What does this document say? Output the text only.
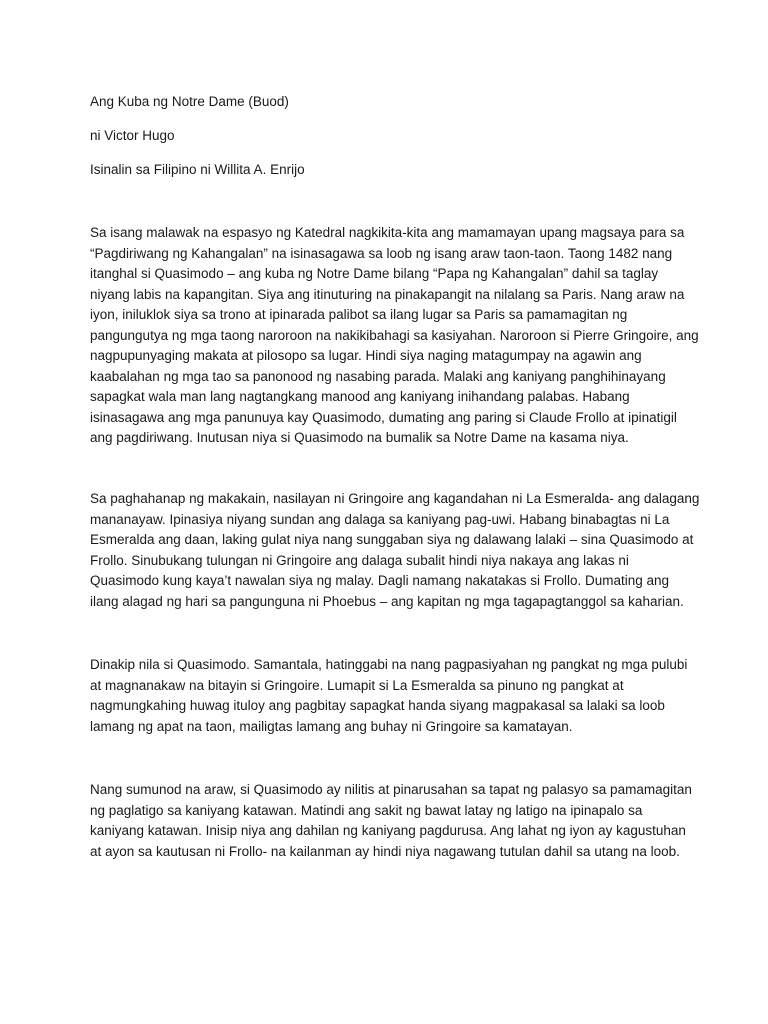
Ang Kuba ng Notre Dame (Buod)

ni Victor Hugo

Isinalin sa Filipino ni Willita A. Enrijo

Sa isang malawak na espasyo ng Katedral nagkikita-kita ang mamamayan upang magsaya para sa “Pagdiriwang ng Kahangalan” na isinasagawa sa loob ng isang araw taon-taon. Taong 1482 nang itanghal si Quasimodo – ang kuba ng Notre Dame bilang “Papa ng Kahangalan” dahil sa taglay niyang labis na kapangitan. Siya ang itinuturing na pinakapangit na nilalang sa Paris. Nang araw na iyon, iniluklok siya sa trono at ipinarada palibot sa ilang lugar sa Paris sa pamamagitan ng pangungutya ng mga taong naroroon na nakikibahagi sa kasiyahan. Naroroon si Pierre Gringoire, ang nagpupunyaging makata at pilosopo sa lugar. Hindi siya naging matagumpay na agawin ang kaabalahan ng mga tao sa panonood ng nasabing parada. Malaki ang kaniyang panghihinayang sapagkat wala man lang nagtangkang manood ang kaniyang inihandang palabas. Habang isinasagawa ang mga panunuya kay Quasimodo, dumating ang paring si Claude Frollo at ipinatigil ang pagdiriwang. Inutusan niya si Quasimodo na bumalik sa Notre Dame na kasama niya.

Sa paghahanap ng makakain, nasilayan ni Gringoire ang kagandahan ni La Esmeralda- ang dalagang mananayaw. Ipinasiya niyang sundan ang dalaga sa kaniyang pag-uwi. Habang binabagtas ni La Esmeralda ang daan, laking gulat niya nang sunggaban siya ng dalawang lalaki – sina Quasimodo at Frollo. Sinubukang tulungan ni Gringoire ang dalaga subalit hindi niya nakaya ang lakas ni Quasimodo kung kaya’t nawalan siya ng malay. Dagli namang nakatakas si Frollo. Dumating ang ilang alagad ng hari sa pangunguna ni Phoebus – ang kapitan ng mga tagapagtanggol sa kaharian.

Dinakip nila si Quasimodo. Samantala, hatinggabi na nang pagpasiyahan ng pangkat ng mga pulubi at magnanakaw na bitayin si Gringoire. Lumapit si La Esmeralda sa pinuno ng pangkat at nagmungkahing huwag ituloy ang pagbitay sapagkat handa siyang magpakasal sa lalaki sa loob lamang ng apat na taon, mailigtas lamang ang buhay ni Gringoire sa kamatayan.

Nang sumunod na araw, si Quasimodo ay nilitis at pinarusahan sa tapat ng palasyo sa pamamagitan ng paglatigo sa kaniyang katawan. Matindi ang sakit ng bawat latay ng latigo na ipinapalo sa kaniyang katawan. Inisip niya ang dahilan ng kaniyang pagdurusa. Ang lahat ng iyon ay kagustuhan at ayon sa kautusan ni Frollo- na kailanman ay hindi niya nagawang tutulan dahil sa utang na loob.
